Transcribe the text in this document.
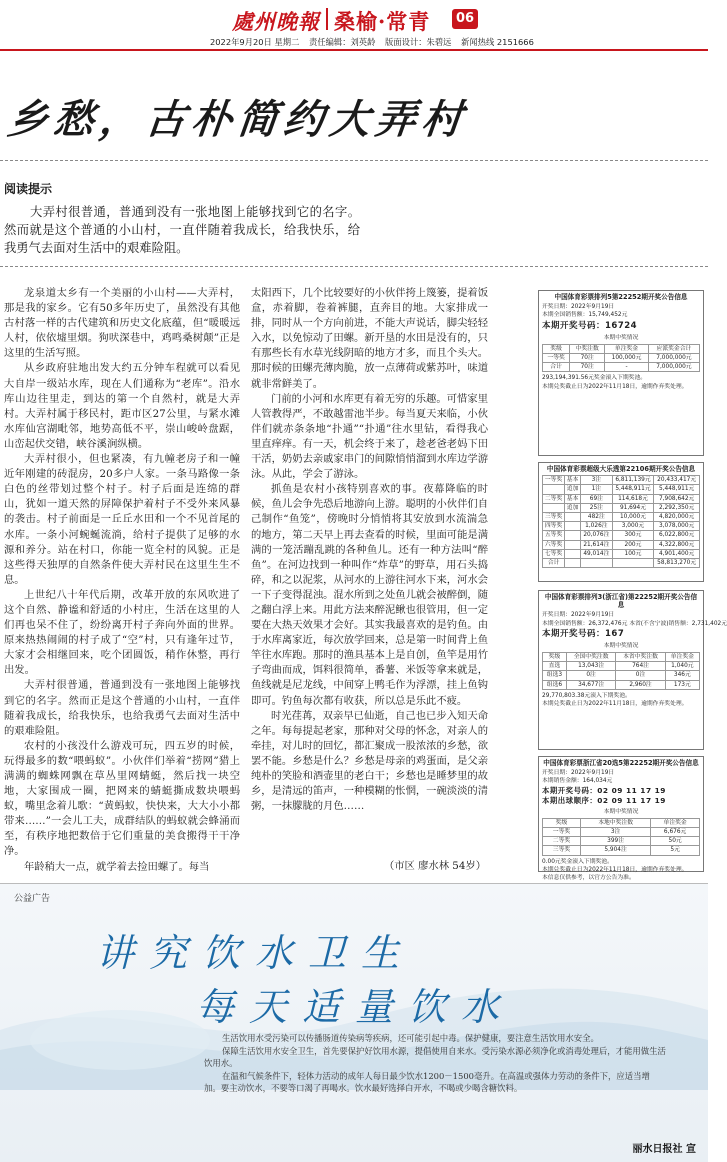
處州晚報 桑榆·常青	06
2022年9月20日 星期二 责任编辑：刘英龄 版面设计：朱碧远 新闻热线 2151666
乡愁，古朴简约大弄村
阅读提示
大弄村很普通，普通到没有一张地图上能够找到它的名字。然而就是这个普通的小山村，一直伴随着我成长，给我快乐，给我勇气去面对生活中的艰难险阻。

龙泉道太乡有一个美丽的小山村——大弄村，那是我的家乡。它有50多年历史了，虽然没有其他古村落一样的古代建筑和历史文化底蕴，但“暖暖远人村，依依墟里烟。狗吠深巷中，鸡鸣桑树颠”正是这里的生活写照。

从乡政府驻地出发大约五分钟车程就可以看见大自岸一级站水库，现在人们通称为“老库”。沿水库山边往里走，到达的第一个自然村，就是大弄村。大弄村属于移民村，距市区27公里，与紧水滩水库仙宫湖毗邻，地势高低不平，崇山峻岭盘踞，山峦起伏交错，峡谷溪涧纵横。

大弄村很小，但也紧凑，有九幢老房子和一幢近年刚建的砖混房，20多户人家。一条马路像一条白色的丝带划过整个村子。村子后面是连绵的群山，犹如一道天然的屏障保护着村子不受外来风暴的袭击。村子前面是一丘丘水田和一个不见首尾的水库。一条小河蜿蜒流淌，给村子提供了足够的水源和养分。站在村口，你能一览全村的风貌。正是这些得天独厚的自然条件使大弄村民在这里生生不息。

上世纪八十年代后期，改革开放的东风吹进了这个自然、静谧和舒适的小村庄，生活在这里的人们再也呆不住了，纷纷离开村子奔向外面的世界。原来热热闹闹的村子成了“空”村，只有逢年过节，大家才会相继回来，吃个团圆饭，稍作休整，再行出发。

大弄村很普通，普通到没有一张地图上能够找到它的名字。然而正是这个普通的小山村，一直伴随着我成长，给我快乐，也给我勇气去面对生活中的艰难险阻。

农村的小孩没什么游戏可玩，四五岁的时候，玩得最多的数“喂蚂蚁”。小伙伴们举着“捞网”猎上满满的蜘蛛网飘在草丛里网蜻蜓，然后找一块空地，大家围成一圈，把网来的蜻蜓撕成数块喂蚂蚁，嘴里念着儿歌：“黄蚂蚁，快快来，大大小小都带来……”一会儿工夫，成群结队的蚂蚁就会蜂涌而至，有秩序地把数倍于它们重量的美食搬得干干净净。

年龄稍大一点，就学着去捡田螺了。每当

太阳西下，几个比较要好的小伙伴挎上篾篓，提着饭盒，赤着脚，卷着裤腿，直奔目的地。大家排成一排，同时从一个方向前进，不能大声说话，脚尖轻轻入水，以免惊动了田螺。新开垦的水田是没有的，只有那些长有水草光线阴暗的地方才多，而且个头大。那时候的田螺壳薄肉脆，放一点薄荷或紫苏叶，味道就非常鲜美了。

门前的小河和水库更有着无穷的乐趣。可惜家里人管教得严，不敢越雷池半步。每当夏天来临，小伙伴们就赤条条地“扑通”“扑通”往水里钻，看得我心里直痒痒。有一天，机会终于来了，趁老爸老妈下田干活，奶奶去亲戚家串门的间隙悄悄溜到水库边学游泳。从此，学会了游泳。

抓鱼是农村小孩特别喜欢的事。夜幕降临的时候，鱼儿会争先恐后地游向上游。聪明的小伙伴们自己制作“鱼笼”，傍晚时分悄悄将其安放到水流湍急的地方，第二天早上再去查看的时候，里面可能是满满的一笼活蹦乱跳的各种鱼儿。还有一种方法叫“醉鱼”。在河边找到一种叫作“炸草”的野草，用石头捣碎，和之以泥浆，从河水的上游往河水下来，河水会一下子变得混浊。混水所到之处鱼儿就会被醉倒，随之翻白浮上来。用此方法来醉泥鳅也很管用，但一定要在大热天效果才会好。其实我最喜欢的是钓鱼。由于水库离家近，每次放学回来，总是第一时间背上鱼竿往水库跑。那时的渔具基本上是自创，鱼竿是用竹子弯曲而成，饵料很简单，番薯、米饭等拿来就是，鱼线就是尼龙线，中间穿上鸭毛作为浮漂，挂上鱼钩即可。钓鱼每次都有收获，所以总是乐此不疲。

时光荏苒，双亲早已仙逝，自己也已步入知天命之年。每每提起老家，那种对父母的怀念，对亲人的牵挂，对儿时的回忆，都汇聚成一股浓浓的乡愁，欲罢不能。乡愁是什么？乡愁是母亲的鸡蛋面，是父亲纯朴的笑脸和酒壶里的老白干；乡愁也是睡梦里的故乡，是清远的笛声，一种模糊的怅惘，一碗淡淡的清粥，一抹朦胧的月色……

（市区 廖水林 54岁）
中国体育彩票排列5第22252期开奖公告信息
开奖日期：2022年9月19日
本期全国销售额：15,749,452元
本期开奖号码：16724
本期中奖情况
奖级	中奖注数	单注奖金	应派奖金合计
一等奖	70注	100,000元	7,000,000元
合计	70注	-	7,000,000元
293,194,391.56元奖金滚入下期奖池。
本期兑奖截止日为2022年11月18日，逾期作弃奖处理。
中国体育彩票超级大乐透第22106期开奖公告信息
一等奖	基本	3注	6,811,139元	20,433,417元
	追加	1注	5,448,911元	5,448,911元
二等奖	基本	69注	114,618元	7,908,642元
	追加	25注	91,694元	2,292,350元
三等奖		482注	10,000元	4,820,000元
四等奖		1,026注	3,000元	3,078,000元
五等奖		20,076注	300元	6,022,800元
六等奖		21,614注	200元	4,322,800元
七等奖		49,014注	100元	4,901,400元
合计				58,813,270元
中国体育彩票排列3(浙江省)第22252期开奖公告信息
开奖日期：2022年9月19日
本期全国销售额：26,372,476元 本省(不含宁波)销售额：2,731,402元
本期开奖号码：167
本期中奖情况
奖级	全国中奖注数	本省中奖注数	单注奖金
直选	13,043注	764注	1,040元
组选3	0注	0注	346元
组选6	34,677注	2,960注	173元
29,770,803.38元滚入下期奖池。
本期兑奖截止日为2022年11月18日，逾期作弃奖处理。
中国体育彩票浙江省20选5第22252期开奖公告信息
开奖日期：2022年9月19日
本期销售金额：164,034元
本期开奖号码：02 09 11 17 19
本期出球顺序：02 09 11 17 19
本期中奖情况
奖级	本地中奖注数	单注奖金
一等奖	3注	6,676元
二等奖	399注	50元
三等奖	5,904注	5元
0.00元奖金滚入下期奖池。
本期兑奖截止日为2022年11月18日，逾期作弃奖处理。
本信息仅供参考，以官方公告为准。
公益广告
讲究饮水卫生
每天适量饮水

生活饮用水受污染可以传播肠道传染病等疾病，还可能引起中毒。保护健康，要注意生活饮用水安全。

保障生活饮用水安全卫生，首先要保护好饮用水源，提倡使用自来水。受污染水源必须净化或消毒处理后，才能用做生活饮用水。

在温和气候条件下，轻体力活动的成年人每日最少饮水1200－1500毫升。在高温或强体力劳动的条件下，应适当增加。要主动饮水，不要等口渴了再喝水。饮水最好选择白开水，不喝或少喝含糖饮料。

丽水日报社 宣
